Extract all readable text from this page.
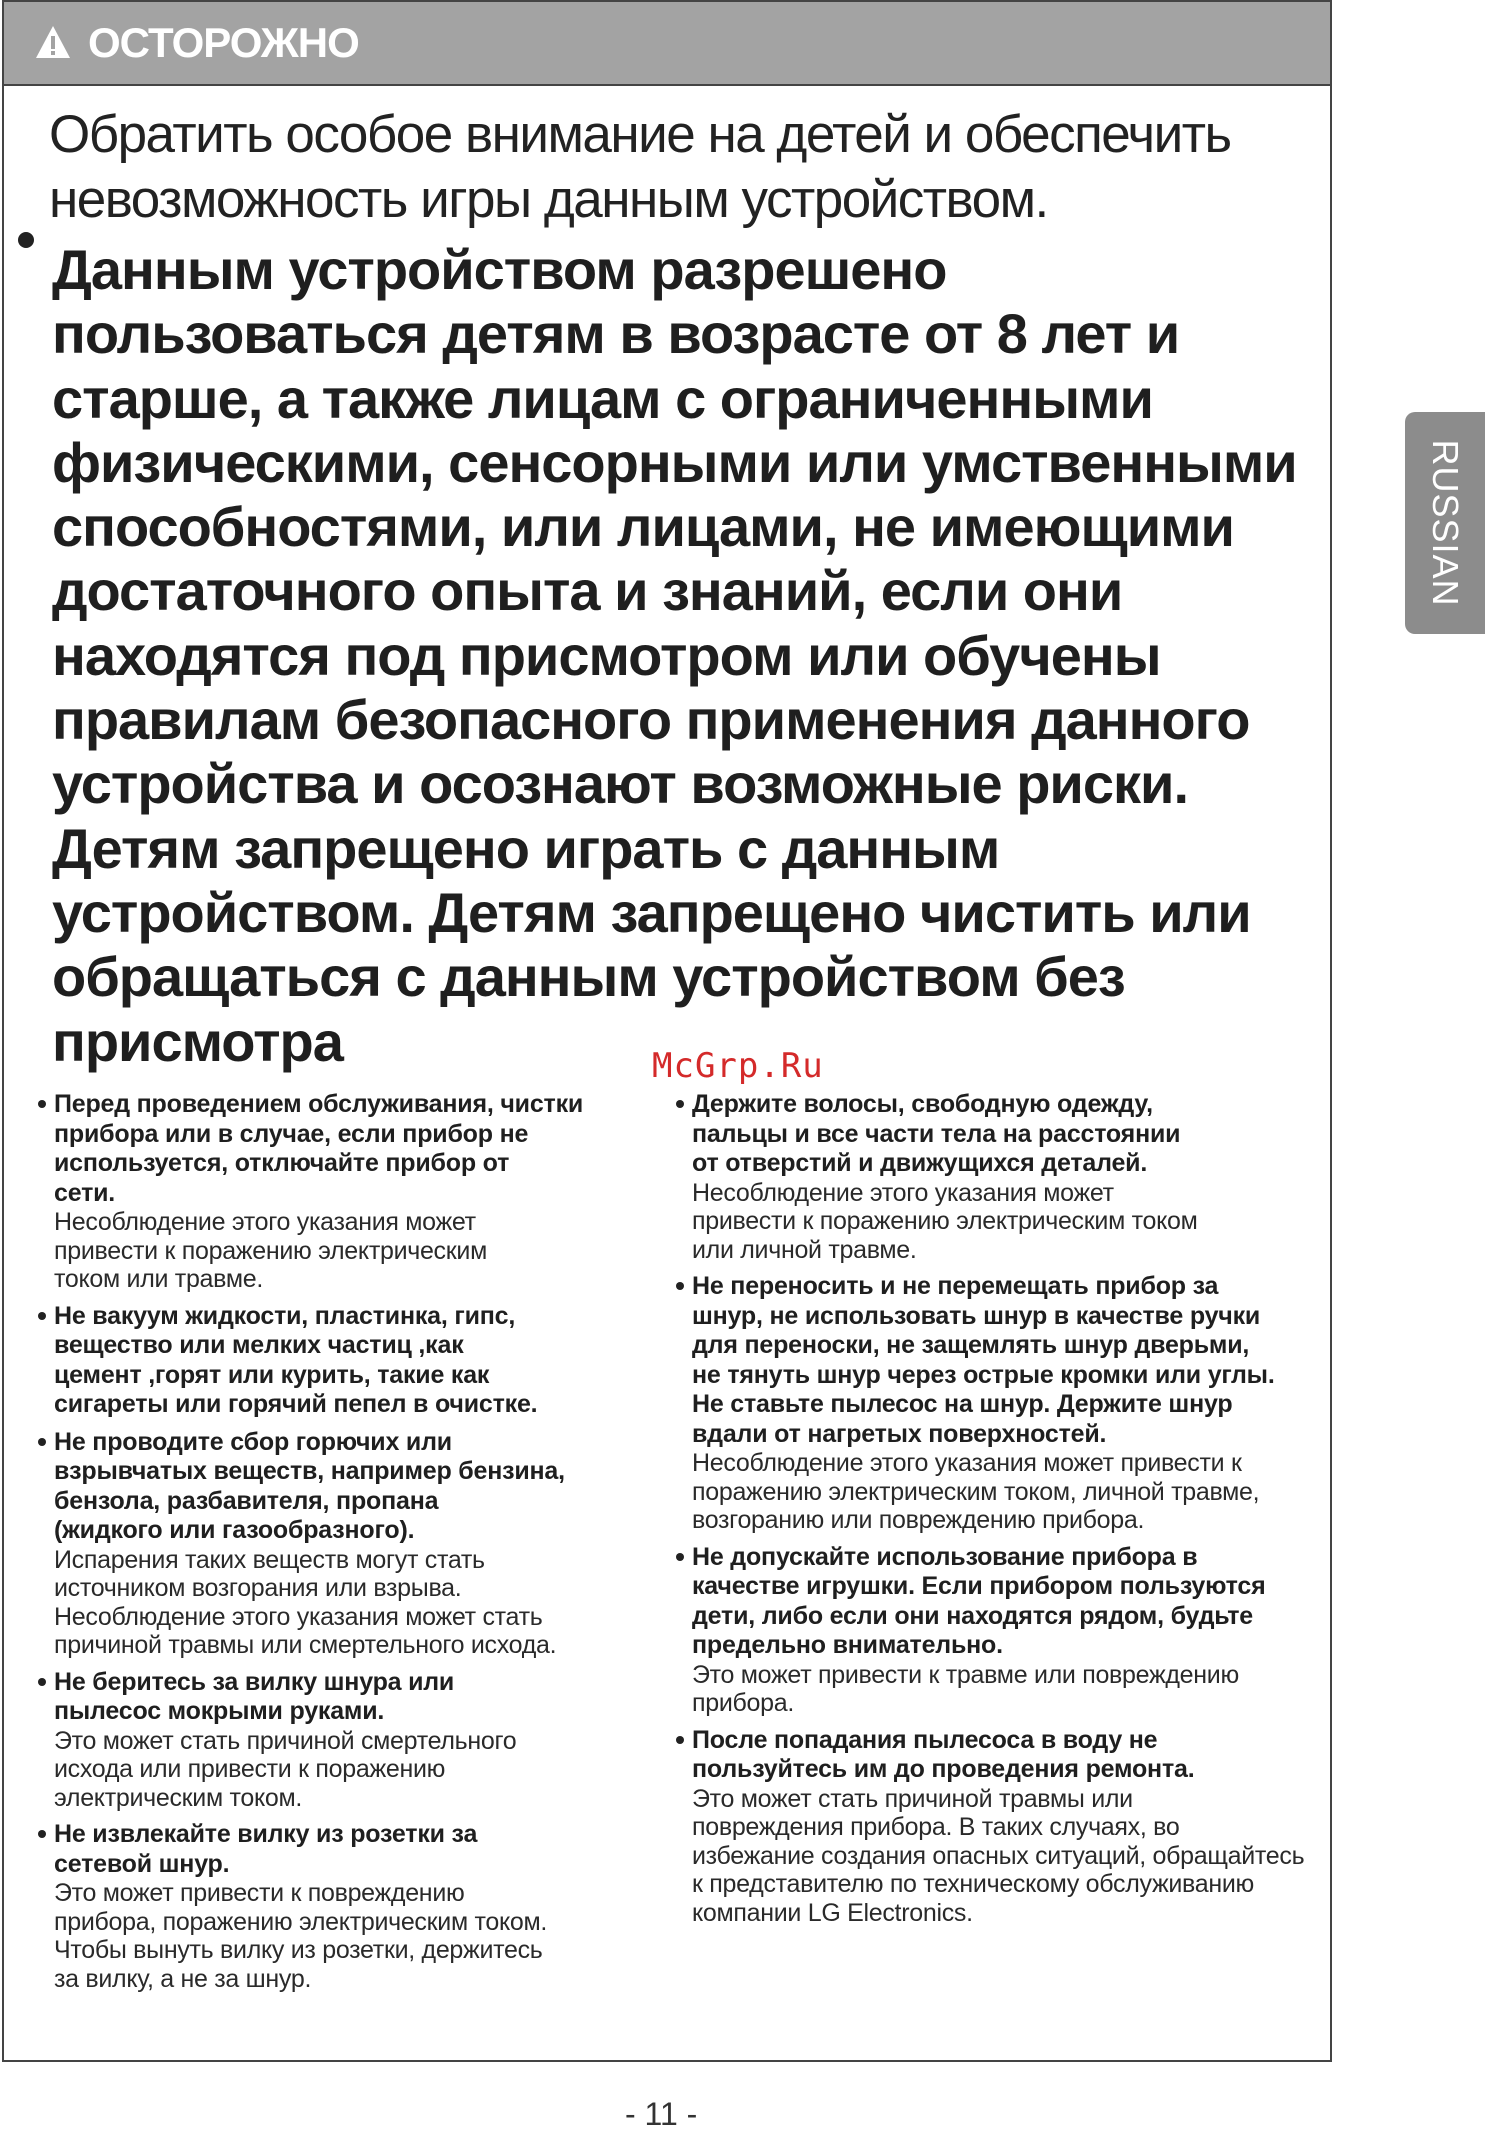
ОСТОРОЖНО
Обратить особое внимание на детей и обеспечить невозможность игры данным устройством.
Данным устройством разрешено пользоваться детям в возрасте от 8 лет и старше, а также лицам с ограниченными физическими, сенсорными или умственными способностями, или лицами, не имеющими достаточного опыта и знаний, если они находятся под присмотром или обучены правилам безопасного применения данного устройства и осознают возможные риски. Детям запрещено играть с данным устройством. Детям запрещено чистить или обращаться с данным устройством без присмотра	McGrp.Ru
Перед проведением обслуживания, чистки
прибора или в случае, если прибор не
используется, отключайте прибор от
сети.
Несоблюдение этого указания может
привести к поражению электрическим
током или травме.
Не вакуум жидкости, пластинка, гипс,
вещество или мелких частиц ,как
цемент ,горят или курить, такие как
сигареты или горячий пепел в очистке.
Не проводите сбор горючих или
взрывчатых веществ, например бензина,
бензола, разбавителя, пропана
(жидкого или газообразного).
Испарения таких веществ могут стать
источником возгорания или взрыва.
Несоблюдение этого указания может стать
причиной травмы или смертельного исхода.
Не беритесь за вилку шнура или
пылесос мокрыми руками.
Это может стать причиной смертельного
исхода или привести к поражению
электрическим током.
Не извлекайте вилку из розетки за
сетевой шнур.
Это может привести к повреждению
прибора, поражению электрическим током.
Чтобы вынуть вилку из розетки, держитесь
за вилку, а не за шнур.
Держите волосы, свободную одежду,
пальцы и все части тела на расстоянии
от отверстий и движущихся деталей.
Несоблюдение этого указания может
привести к поражению электрическим током
или личной травме.
Не переносить и не перемещать прибор за
шнур, не использовать шнур в качестве ручки
для переноски, не защемлять шнур дверьми,
не тянуть шнур через острые кромки или углы.
Не ставьте пылесос на шнур. Держите шнур
вдали от нагретых поверхностей.
Несоблюдение этого указания может привести к
поражению электрическим током, личной травме,
возгоранию или повреждению прибора.
Не допускайте использование прибора в
качестве игрушки. Если прибором пользуются
дети, либо если они находятся рядом, будьте
предельно внимательно.
Это может привести к травме или повреждению
прибора.
После попадания пылесоса в воду не
пользуйтесь им до проведения ремонта.
Это может стать причиной травмы или
повреждения прибора. В таких случаях, во
избежание создания опасных ситуаций, обращайтесь
к представителю по техническому обслуживанию
компании LG Electronics.
RUSSIAN
- 11 -
